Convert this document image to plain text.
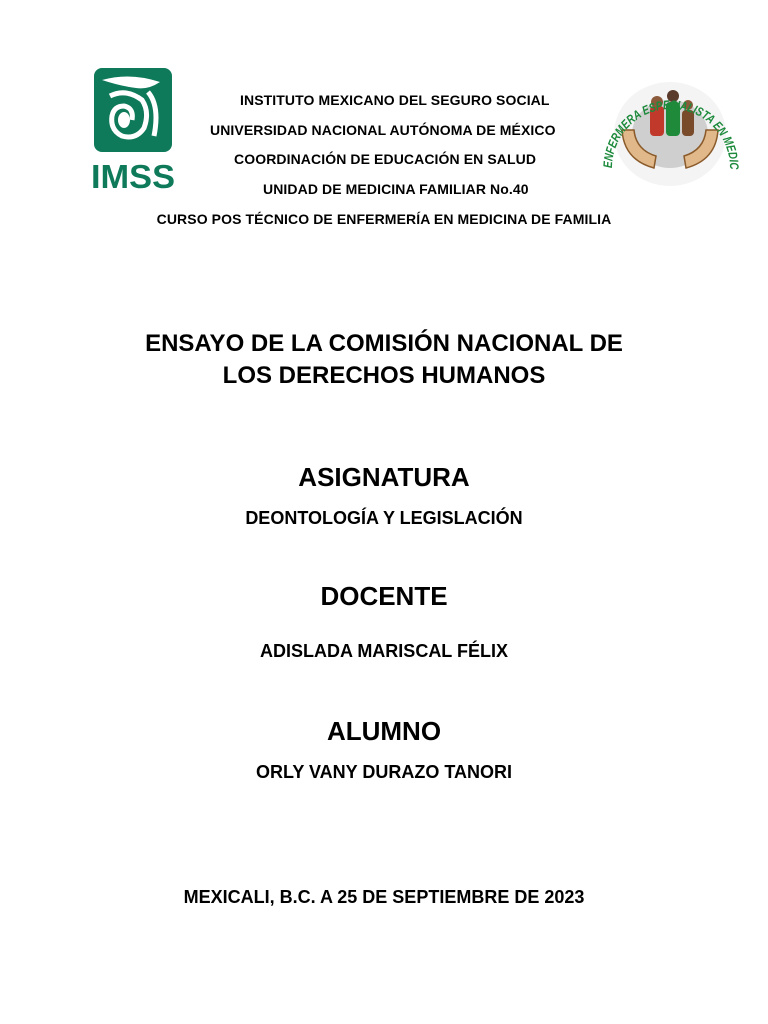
IMSS	ENFERMERA ESPECIALISTA EN MEDIC
INSTITUTO MEXICANO DEL SEGURO SOCIAL
UNIVERSIDAD NACIONAL AUTÓNOMA DE MÉXICO
COORDINACIÓN DE EDUCACIÓN EN SALUD
UNIDAD DE MEDICINA FAMILIAR No.40
CURSO POS TÉCNICO DE ENFERMERÍA EN MEDICINA DE FAMILIA
ENSAYO DE LA COMISIÓN NACIONAL DE
LOS DERECHOS HUMANOS
ASIGNATURA
DEONTOLOGÍA Y LEGISLACIÓN
DOCENTE
ADISLADA MARISCAL FÉLIX
ALUMNO
ORLY VANY DURAZO TANORI
MEXICALI, B.C. A 25 DE SEPTIEMBRE DE 2023
